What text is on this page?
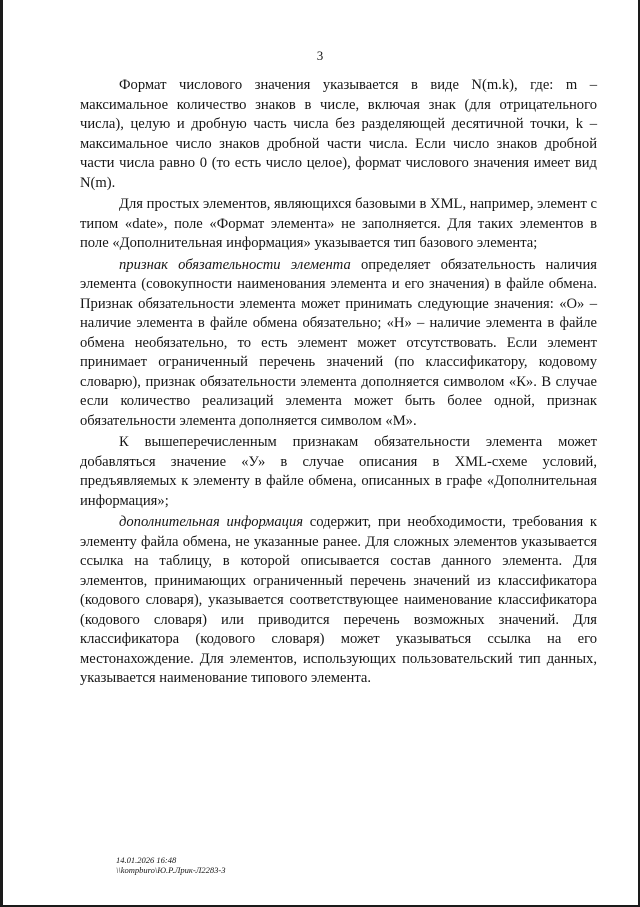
3

Формат числового значения указывается в виде N(m.k), где: m – максимальное количество знаков в числе, включая знак (для отрицательного числа), целую и дробную часть числа без разделяющей десятичной точки, k – максимальное число знаков дробной части числа. Если число знаков дробной части числа равно 0 (то есть число целое), формат числового значения имеет вид N(m).

Для простых элементов, являющихся базовыми в XML, например, элемент с типом «date», поле «Формат элемента» не заполняется. Для таких элементов в поле «Дополнительная информация» указывается тип базового элемента;

признак обязательности элемента определяет обязательность наличия элемента (совокупности наименования элемента и его значения) в файле обмена. Признак обязательности элемента может принимать следующие значения: «О» – наличие элемента в файле обмена обязательно; «Н» – наличие элемента в файле обмена необязательно, то есть элемент может отсутствовать. Если элемент принимает ограниченный перечень значений (по классификатору, кодовому словарю), признак обязательности элемента дополняется символом «К». В случае если количество реализаций элемента может быть более одной, признак обязательности элемента дополняется символом «М».

К вышеперечисленным признакам обязательности элемента может добавляться значение «У» в случае описания в XML-схеме условий, предъявляемых к элементу в файле обмена, описанных в графе «Дополнительная информация»;

дополнительная информация содержит, при необходимости, требования к элементу файла обмена, не указанные ранее. Для сложных элементов указывается ссылка на таблицу, в которой описывается состав данного элемента. Для элементов, принимающих ограниченный перечень значений из классификатора (кодового словаря), указывается соответствующее наименование классификатора (кодового словаря) или приводится перечень возможных значений. Для классификатора (кодового словаря) может указываться ссылка на его местонахождение. Для элементов, использующих пользовательский тип данных, указывается наименование типового элемента.

14.01.2026 16:48
\\kompburo\Ю.Р.Лрик-Л2283-3
